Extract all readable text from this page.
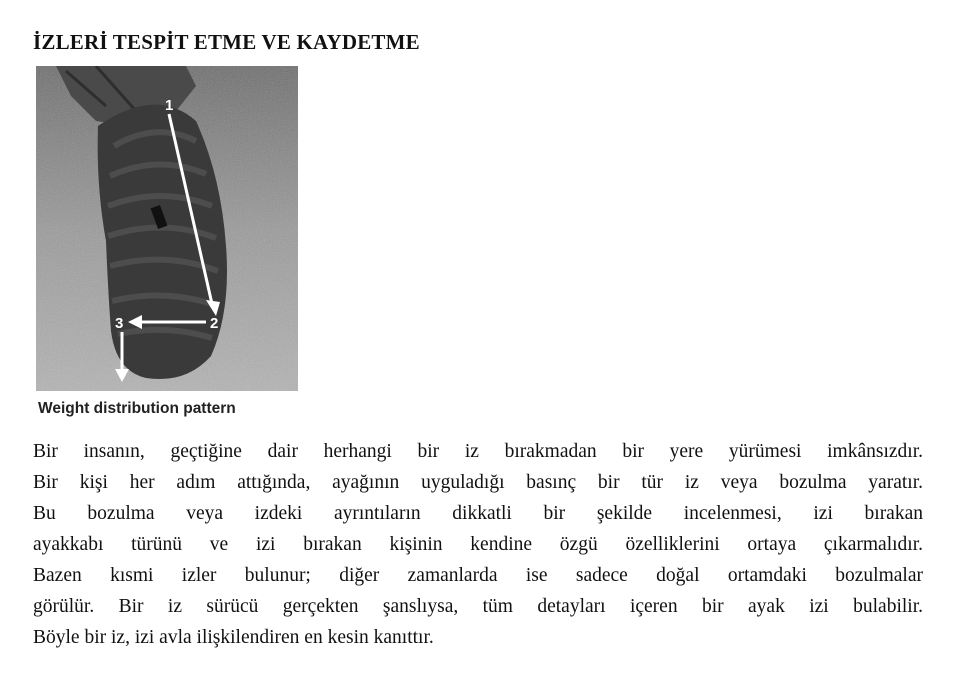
İZLERİ TESPİT ETME VE KAYDETME
1
2
3
Weight distribution pattern
Bir insanın, geçtiğine dair herhangi bir iz bırakmadan bir yere yürümesi imkânsızdır.
Bir kişi her adım attığında, ayağının uyguladığı basınç bir tür iz veya bozulma yaratır.
Bu bozulma veya izdeki ayrıntıların dikkatli bir şekilde incelenmesi, izi bırakan
ayakkabı türünü ve izi bırakan kişinin kendine özgü özelliklerini ortaya çıkarmalıdır.
Bazen kısmi izler bulunur; diğer zamanlarda ise sadece doğal ortamdaki bozulmalar
görülür. Bir iz sürücü gerçekten şanslıysa, tüm detayları içeren bir ayak izi bulabilir.
Böyle bir iz, izi avla ilişkilendiren en kesin kanıttır.
